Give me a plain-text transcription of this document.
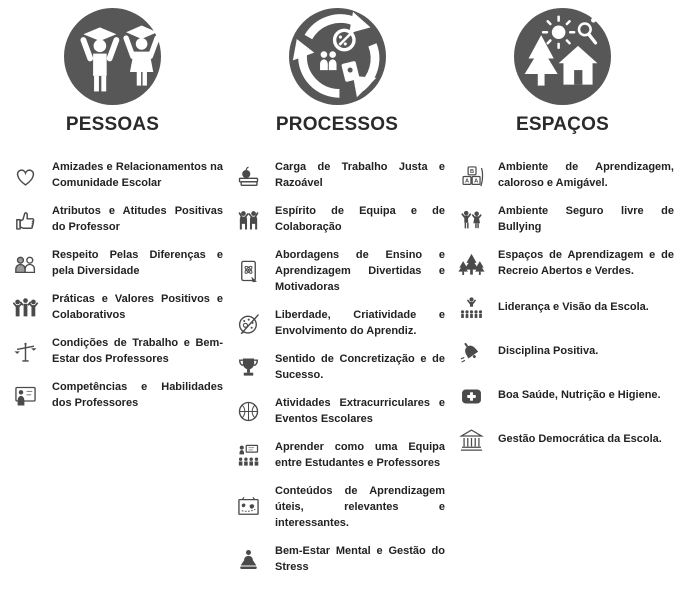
PESSOAS
Amizades e Relacionamentos na Comunidade Escolar
Atributos e Atitudes Positivas do Professor
Respeito Pelas Diferenças e pela Diversidade
Práticas e Valores Positivos e Colaborativos
Condições de Trabalho e Bem-Estar dos Professores
Competências e Habilidades dos Professores
PROCESSOS
Carga de Trabalho Justa e Razoável
Espírito de Equipa e de Colaboração
Abordagens de Ensino e Aprendizagem Divertidas e Motivadoras
Liberdade, Criatividade e Envolvimento do Aprendiz.
Sentido de Concretização e de Sucesso.
Atividades Extracurriculares e Eventos Escolares
Aprender como uma Equipa entre Estudantes e Professores
Conteúdos de Aprendizagem úteis, relevantes e interessantes.
Bem-Estar Mental e Gestão do Stress
ESPAÇOS
Ambiente de Aprendizagem, caloroso e Amigável.
Ambiente Seguro livre de Bullying
Espaços de Aprendizagem e de Recreio Abertos e Verdes.
Liderança e Visão da Escola.
Disciplina Positiva.
Boa Saúde, Nutrição e Higiene.
Gestão Democrática da Escola.
